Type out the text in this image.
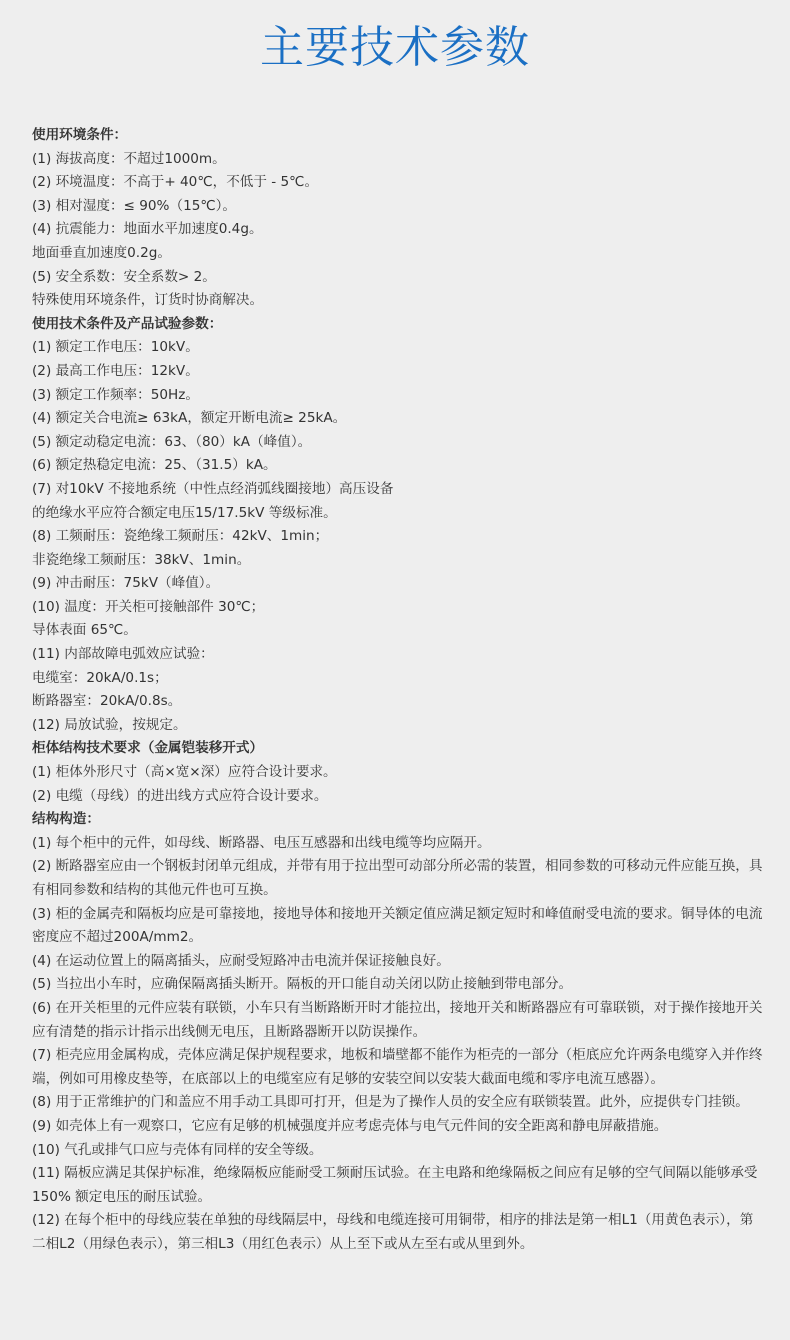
主要技术参数

使用环境条件：

(1) 海拔高度：不超过1000m。

(2) 环境温度：不高于+ 40℃，不低于 - 5℃。

(3) 相对湿度：≤ 90%（15℃）。

(4) 抗震能力：地面水平加速度0.4g。

地面垂直加速度0.2g。

(5) 安全系数：安全系数> 2。

特殊使用环境条件，订货时协商解决。

使用技术条件及产品试验参数：

(1) 额定工作电压：10kV。

(2) 最高工作电压：12kV。

(3) 额定工作频率：50Hz。

(4) 额定关合电流≥ 63kA，额定开断电流≥ 25kA。

(5) 额定动稳定电流：63、（80）kA（峰值）。

(6) 额定热稳定电流：25、（31.5）kA。

(7) 对10kV 不接地系统（中性点经消弧线圈接地）高压设备

的绝缘水平应符合额定电压15/17.5kV 等级标准。

(8) 工频耐压：瓷绝缘工频耐压：42kV、1min；

非瓷绝缘工频耐压：38kV、1min。

(9) 冲击耐压：75kV（峰值）。

(10) 温度：开关柜可接触部件 30℃；

导体表面 65℃。

(11) 内部故障电弧效应试验：

电缆室：20kA/0.1s；

断路器室：20kA/0.8s。

(12) 局放试验，按规定。

柜体结构技术要求（金属铠装移开式）

(1) 柜体外形尺寸（高×宽×深）应符合设计要求。

(2) 电缆（母线）的进出线方式应符合设计要求。

结构构造：

(1) 每个柜中的元件，如母线、断路器、电压互感器和出线电缆等均应隔开。

(2) 断路器室应由一个钢板封闭单元组成，并带有用于拉出型可动部分所必需的装置，相同参数的可移动元件应能互换，具有相同参数和结构的其他元件也可互换。

(3) 柜的金属壳和隔板均应是可靠接地，接地导体和接地开关额定值应满足额定短时和峰值耐受电流的要求。铜导体的电流密度应不超过200A/mm2。

(4) 在运动位置上的隔离插头，应耐受短路冲击电流并保证接触良好。

(5) 当拉出小车时，应确保隔离插头断开。隔板的开口能自动关闭以防止接触到带电部分。

(6) 在开关柜里的元件应装有联锁，小车只有当断路断开时才能拉出，接地开关和断路器应有可靠联锁，对于操作接地开关应有清楚的指示计指示出线侧无电压，且断路器断开以防误操作。

(7) 柜壳应用金属构成，壳体应满足保护规程要求，地板和墙壁都不能作为柜壳的一部分（柜底应允许两条电缆穿入并作终端，例如可用橡皮垫等，在底部以上的电缆室应有足够的安装空间以安装大截面电缆和零序电流互感器）。

(8) 用于正常维护的门和盖应不用手动工具即可打开，但是为了操作人员的安全应有联锁装置。此外，应提供专门挂锁。

(9) 如壳体上有一观察口，它应有足够的机械强度并应考虑壳体与电气元件间的安全距离和静电屏蔽措施。

(10) 气孔或排气口应与壳体有同样的安全等级。

(11) 隔板应满足其保护标准，绝缘隔板应能耐受工频耐压试验。在主电路和绝缘隔板之间应有足够的空气间隔以能够承受150% 额定电压的耐压试验。

(12) 在每个柜中的母线应装在单独的母线隔层中，母线和电缆连接可用铜带，相序的排法是第一相L1（用黄色表示），第二相L2（用绿色表示），第三相L3（用红色表示）从上至下或从左至右或从里到外。
